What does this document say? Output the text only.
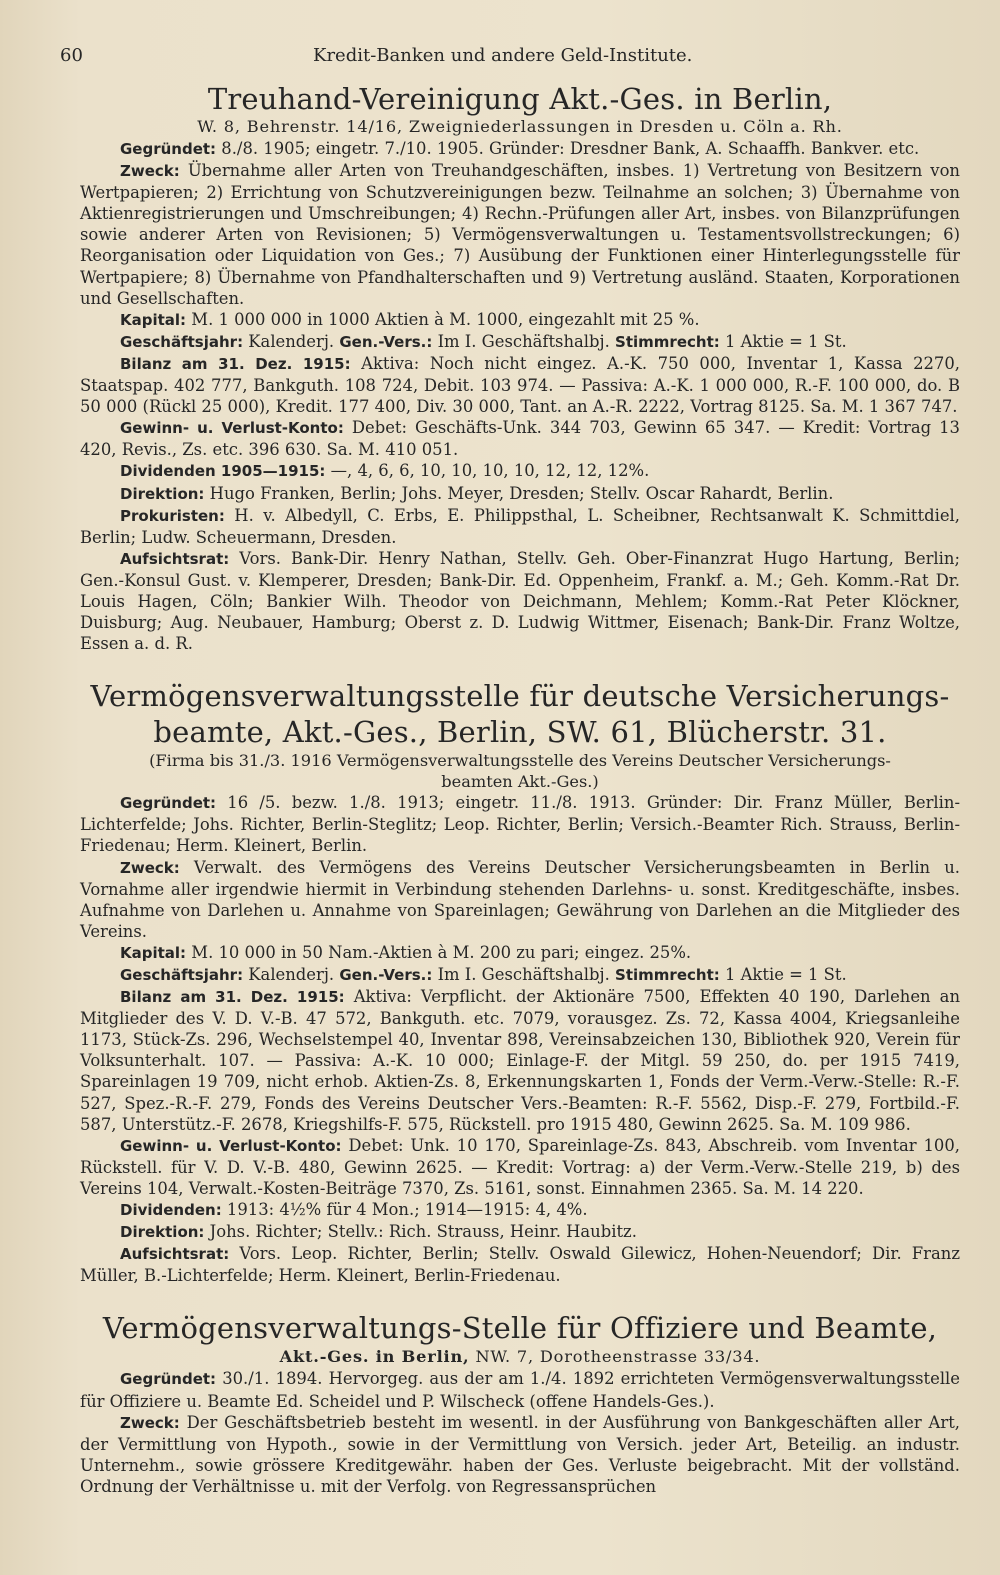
60	Kredit-Banken und andere Geld-Institute.
Treuhand-Vereinigung Akt.-Ges. in Berlin,

W. 8, Behrenstr. 14/16, Zweigniederlassungen in Dresden u. Cöln a. Rh.

Gegründet: 8./8. 1905; eingetr. 7./10. 1905. Gründer: Dresdner Bank, A. Schaaffh. Bankver. etc.

Zweck: Übernahme aller Arten von Treuhandgeschäften, insbes. 1) Vertretung von Besitzern von Wertpapieren; 2) Errichtung von Schutzvereinigungen bezw. Teilnahme an solchen; 3) Übernahme von Aktienregistrierungen und Umschreibungen; 4) Rechn.-Prüfungen aller Art, insbes. von Bilanzprüfungen sowie anderer Arten von Revisionen; 5) Vermögensverwaltungen u. Testamentsvollstreckungen; 6) Reorganisation oder Liquidation von Ges.; 7) Ausübung der Funktionen einer Hinterlegungsstelle für Wertpapiere; 8) Übernahme von Pfandhalterschaften und 9) Vertretung ausländ. Staaten, Korporationen und Gesellschaften.

Kapital: M. 1 000 000 in 1000 Aktien à M. 1000, eingezahlt mit 25 %.

Geschäftsjahr: Kalenderj. Gen.-Vers.: Im I. Geschäftshalbj. Stimmrecht: 1 Aktie = 1 St.

Bilanz am 31. Dez. 1915: Aktiva: Noch nicht eingez. A.-K. 750 000, Inventar 1, Kassa 2270, Staatspap. 402 777, Bankguth. 108 724, Debit. 103 974. — Passiva: A.-K. 1 000 000, R.-F. 100 000, do. B 50 000 (Rückl 25 000), Kredit. 177 400, Div. 30 000, Tant. an A.-R. 2222, Vortrag 8125. Sa. M. 1 367 747.

Gewinn- u. Verlust-Konto: Debet: Geschäfts-Unk. 344 703, Gewinn 65 347. — Kredit: Vortrag 13 420, Revis., Zs. etc. 396 630. Sa. M. 410 051.

Dividenden 1905—1915: —, 4, 6, 6, 10, 10, 10, 10, 12, 12, 12%.

Direktion: Hugo Franken, Berlin; Johs. Meyer, Dresden; Stellv. Oscar Rahardt, Berlin.

Prokuristen: H. v. Albedyll, C. Erbs, E. Philippsthal, L. Scheibner, Rechtsanwalt K. Schmittdiel, Berlin; Ludw. Scheuermann, Dresden.

Aufsichtsrat: Vors. Bank-Dir. Henry Nathan, Stellv. Geh. Ober-Finanzrat Hugo Hartung, Berlin; Gen.-Konsul Gust. v. Klemperer, Dresden; Bank-Dir. Ed. Oppenheim, Frankf. a. M.; Geh. Komm.-Rat Dr. Louis Hagen, Cöln; Bankier Wilh. Theodor von Deichmann, Mehlem; Komm.-Rat Peter Klöckner, Duisburg; Aug. Neubauer, Hamburg; Oberst z. D. Ludwig Wittmer, Eisenach; Bank-Dir. Franz Woltze, Essen a. d. R.

Vermögensverwaltungsstelle für deutsche Versicherungs-
beamte, Akt.-Ges., Berlin, SW. 61, Blücherstr. 31.

(Firma bis 31./3. 1916 Vermögensverwaltungsstelle des Vereins Deutscher Versicherungs-

beamten Akt.-Ges.)

Gegründet: 16 /5. bezw. 1./8. 1913; eingetr. 11./8. 1913. Gründer: Dir. Franz Müller, Berlin-Lichterfelde; Johs. Richter, Berlin-Steglitz; Leop. Richter, Berlin; Versich.-Beamter Rich. Strauss, Berlin-Friedenau; Herm. Kleinert, Berlin.

Zweck: Verwalt. des Vermögens des Vereins Deutscher Versicherungsbeamten in Berlin u. Vornahme aller irgendwie hiermit in Verbindung stehenden Darlehns- u. sonst. Kreditgeschäfte, insbes. Aufnahme von Darlehen u. Annahme von Spareinlagen; Gewährung von Darlehen an die Mitglieder des Vereins.

Kapital: M. 10 000 in 50 Nam.-Aktien à M. 200 zu pari; eingez. 25%.

Geschäftsjahr: Kalenderj. Gen.-Vers.: Im I. Geschäftshalbj. Stimmrecht: 1 Aktie = 1 St.

Bilanz am 31. Dez. 1915: Aktiva: Verpflicht. der Aktionäre 7500, Effekten 40 190, Darlehen an Mitglieder des V. D. V.-B. 47 572, Bankguth. etc. 7079, vorausgez. Zs. 72, Kassa 4004, Kriegsanleihe 1173, Stück-Zs. 296, Wechselstempel 40, Inventar 898, Vereinsabzeichen 130, Bibliothek 920, Verein für Volksunterhalt. 107. — Passiva: A.-K. 10 000; Einlage-F. der Mitgl. 59 250, do. per 1915 7419, Spareinlagen 19 709, nicht erhob. Aktien-Zs. 8, Erkennungskarten 1, Fonds der Verm.-Verw.-Stelle: R.-F. 527, Spez.-R.-F. 279, Fonds des Vereins Deutscher Vers.-Beamten: R.-F. 5562, Disp.-F. 279, Fortbild.-F. 587, Unterstütz.-F. 2678, Kriegshilfs-F. 575, Rückstell. pro 1915 480, Gewinn 2625. Sa. M. 109 986.

Gewinn- u. Verlust-Konto: Debet: Unk. 10 170, Spareinlage-Zs. 843, Abschreib. vom Inventar 100, Rückstell. für V. D. V.-B. 480, Gewinn 2625. — Kredit: Vortrag: a) der Verm.-Verw.-Stelle 219, b) des Vereins 104, Verwalt.-Kosten-Beiträge 7370, Zs. 5161, sonst. Einnahmen 2365. Sa. M. 14 220.

Dividenden: 1913: 4½% für 4 Mon.; 1914—1915: 4, 4%.

Direktion: Johs. Richter; Stellv.: Rich. Strauss, Heinr. Haubitz.

Aufsichtsrat: Vors. Leop. Richter, Berlin; Stellv. Oswald Gilewicz, Hohen-Neuendorf; Dir. Franz Müller, B.-Lichterfelde; Herm. Kleinert, Berlin-Friedenau.

Vermögensverwaltungs-Stelle für Offiziere und Beamte,

Akt.-Ges. in Berlin, NW. 7, Dorotheenstrasse 33/34.

Gegründet: 30./1. 1894. Hervorgeg. aus der am 1./4. 1892 errichteten Vermögensverwaltungsstelle für Offiziere u. Beamte Ed. Scheidel und P. Wilscheck (offene Handels-Ges.).

Zweck: Der Geschäftsbetrieb besteht im wesentl. in der Ausführung von Bankgeschäften aller Art, der Vermittlung von Hypoth., sowie in der Vermittlung von Versich. jeder Art, Beteilig. an industr. Unternehm., sowie grössere Kreditgewähr. haben der Ges. Verluste beigebracht. Mit der vollständ. Ordnung der Verhältnisse u. mit der Verfolg. von Regressansprüchen
